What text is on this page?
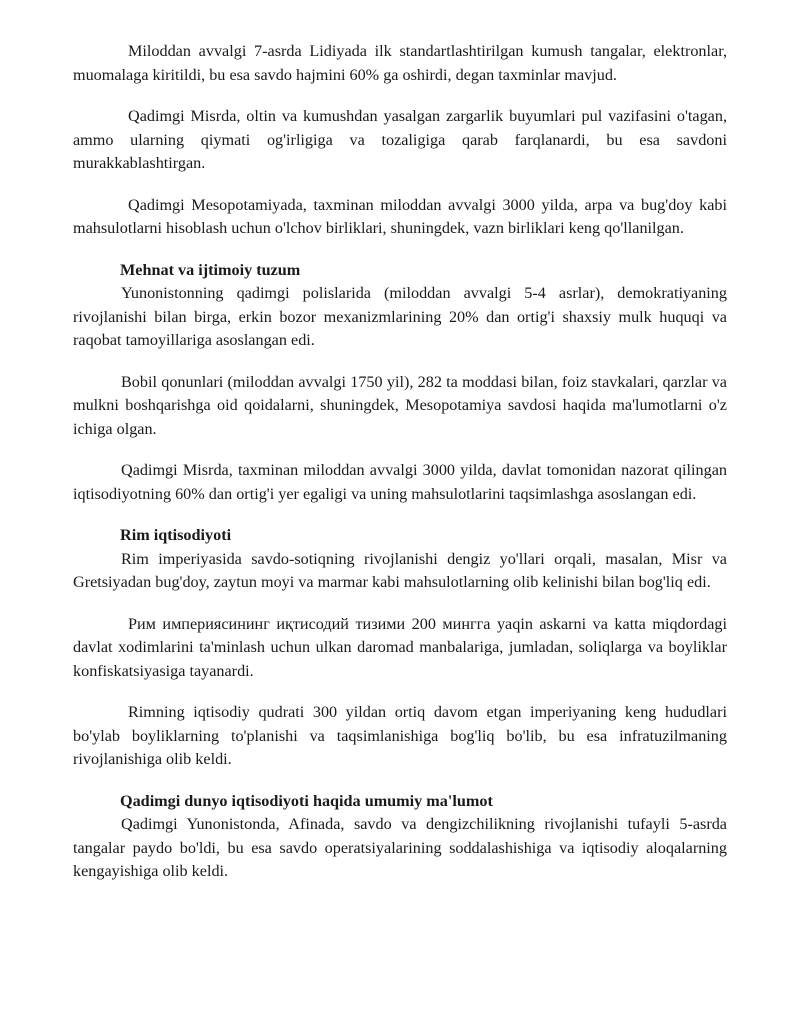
Miloddan avvalgi 7-asrda Lidiyada ilk standartlashtirilgan kumush tangalar, elektronlar, muomalaga kiritildi, bu esa savdo hajmini 60% ga oshirdi, degan taxminlar mavjud.

Qadimgi Misrda, oltin va kumushdan yasalgan zargarlik buyumlari pul vazifasini o'tagan, ammo ularning qiymati og'irligiga va tozaligiga qarab farqlanardi, bu esa savdoni murakkablashtirgan.

Qadimgi Mesopotamiyada, taxminan miloddan avvalgi 3000 yilda, arpa va bug'doy kabi mahsulotlarni hisoblash uchun o'lchov birliklari, shuningdek, vazn birliklari keng qo'llanilgan.

Mehnat va ijtimoiy tuzum

Yunonistonning qadimgi polislarida (miloddan avvalgi 5-4 asrlar), demokratiyaning rivojlanishi bilan birga, erkin bozor mexanizmlarining 20% dan ortig'i shaxsiy mulk huquqi va raqobat tamoyillariga asoslangan edi.

Bobil qonunlari (miloddan avvalgi 1750 yil), 282 ta moddasi bilan, foiz stavkalari, qarzlar va mulkni boshqarishga oid qoidalarni, shuningdek, Mesopotamiya savdosi haqida ma'lumotlarni o'z ichiga olgan.

Qadimgi Misrda, taxminan miloddan avvalgi 3000 yilda, davlat tomonidan nazorat qilingan iqtisodiyotning 60% dan ortig'i yer egaligi va uning mahsulotlarini taqsimlashga asoslangan edi.

Rim iqtisodiyoti

Rim imperiyasida savdo-sotiqning rivojlanishi dengiz yo'llari orqali, masalan, Misr va Gretsiyadan bug'doy, zaytun moyi va marmar kabi mahsulotlarning olib kelinishi bilan bog'liq edi.

Рим империясининг иқтисодий тизими 200 мингга yaqin askarni va katta miqdordagi davlat xodimlarini ta'minlash uchun ulkan daromad manbalariga, jumladan, soliqlarga va boyliklar konfiskatsiyasiga tayanardi.

Rimning iqtisodiy qudrati 300 yildan ortiq davom etgan imperiyaning keng hududlari bo'ylab boyliklarning to'planishi va taqsimlanishiga bog'liq bo'lib, bu esa infratuzilmaning rivojlanishiga olib keldi.

Qadimgi dunyo iqtisodiyoti haqida umumiy ma'lumot

Qadimgi Yunonistonda, Afinada, savdo va dengizchilikning rivojlanishi tufayli 5-asrda tangalar paydo bo'ldi, bu esa savdo operatsiyalarining soddalashishiga va iqtisodiy aloqalarning kengayishiga olib keldi.
